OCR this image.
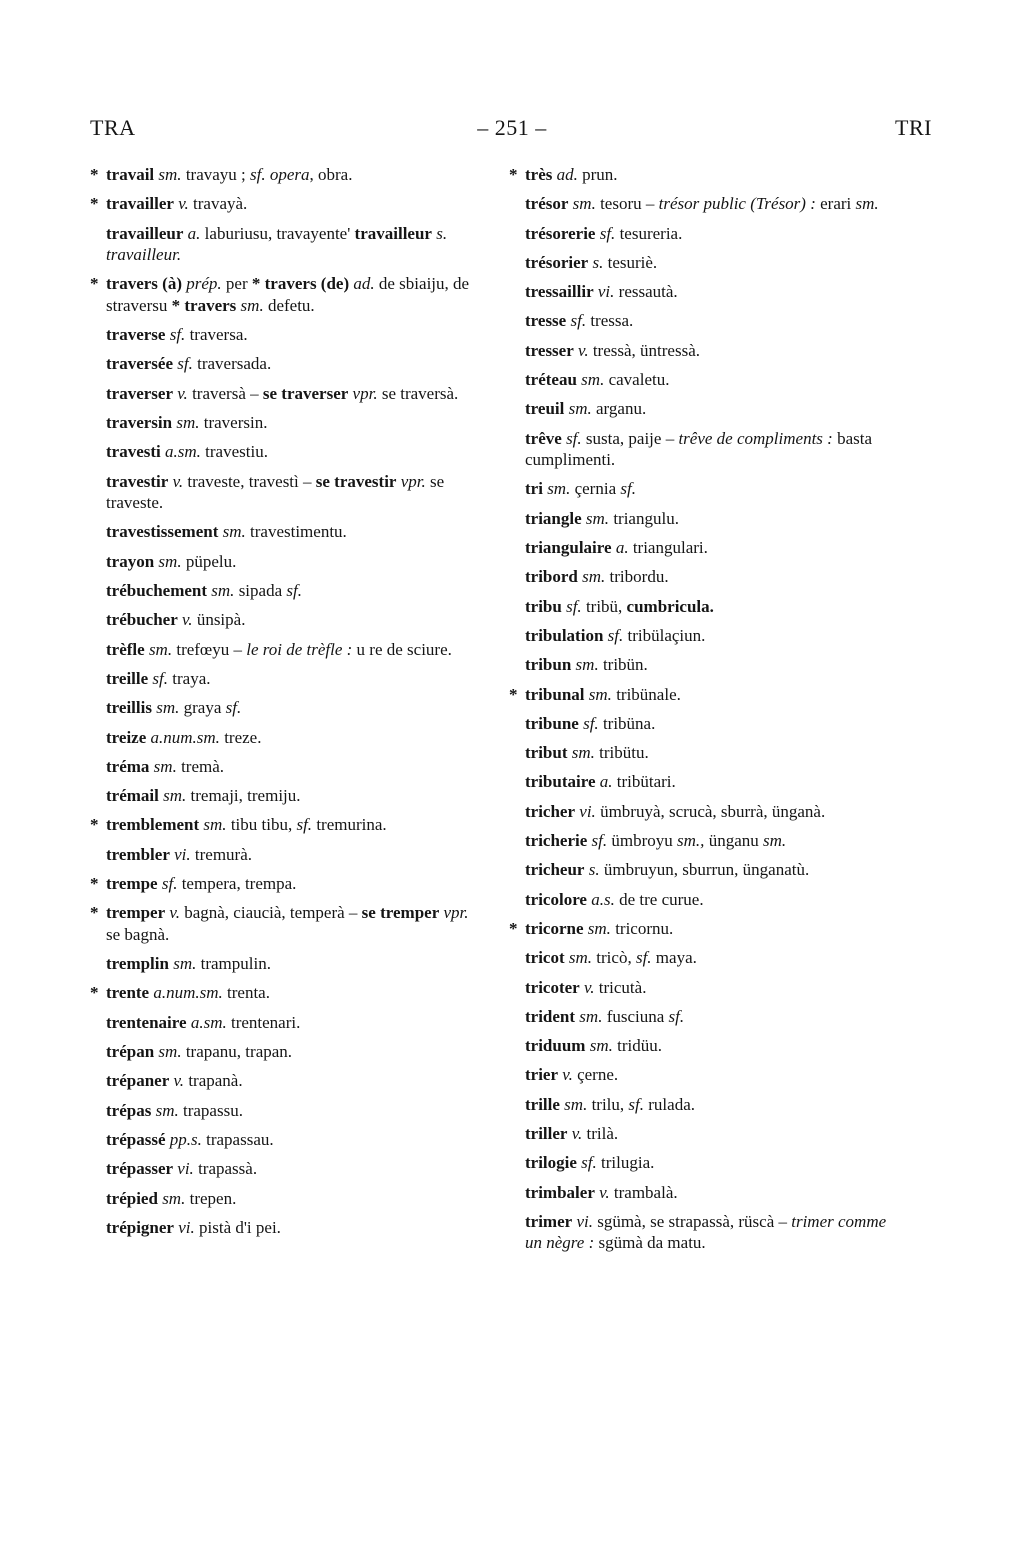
TRA	– 251 –	TRI

* travail sm. travayu ; sf. opera, obra.

* travailler v. travayà.

travailleur a. laburiusu, travayente' travailleur s. travailleur.

* travers (à) prép. per * travers (de) ad. de sbiaiju, de straversu * travers sm. defetu.

traverse sf. traversa.

traversée sf. traversada.

traverser v. traversà – se traverser vpr. se traversà.

traversin sm. traversin.

travesti a.sm. travestiu.

travestir v. traveste, travestì – se travestir vpr. se traveste.

travestissement sm. travestimentu.

trayon sm. püpelu.

trébuchement sm. sipada sf.

trébucher v. ünsipà.

trèfle sm. trefœyu – le roi de trèfle : u re de sciure.

treille sf. traya.

treillis sm. graya sf.

treize a.num.sm. treze.

tréma sm. tremà.

trémail sm. tremaji, tremiju.

* tremblement sm. tibu tibu, sf. tremurina.

trembler vi. tremurà.

* trempe sf. tempera, trempa.

* tremper v. bagnà, ciaucià, temperà – se tremper vpr. se bagnà.

tremplin sm. trampulin.

* trente a.num.sm. trenta.

trentenaire a.sm. trentenari.

trépan sm. trapanu, trapan.

trépaner v. trapanà.

trépas sm. trapassu.

trépassé pp.s. trapassau.

trépasser vi. trapassà.

trépied sm. trepen.

trépigner vi. pistà d'i pei.

* très ad. prun.

trésor sm. tesoru – trésor public (Trésor) : erari sm.

trésorerie sf. tesureria.

trésorier s. tesuriè.

tressaillir vi. ressautà.

tresse sf. tressa.

tresser v. tressà, üntressà.

tréteau sm. cavaletu.

treuil sm. arganu.

trêve sf. susta, paije – trêve de compliments : basta cumplimenti.

tri sm. çernia sf.

triangle sm. triangulu.

triangulaire a. triangulari.

tribord sm. tribordu.

tribu sf. tribü, cumbricula.

tribulation sf. tribülaçiun.

tribun sm. tribün.

* tribunal sm. tribünale.

tribune sf. tribüna.

tribut sm. tribütu.

tributaire a. tribütari.

tricher vi. ümbruyà, scrucà, sburrà, ünganà.

tricherie sf. ümbroyu sm., ünganu sm.

tricheur s. ümbruyun, sburrun, ünganatù.

tricolore a.s. de tre curue.

* tricorne sm. tricornu.

tricot sm. tricò, sf. maya.

tricoter v. tricutà.

trident sm. fusciuna sf.

triduum sm. tridüu.

trier v. çerne.

trille sm. trilu, sf. rulada.

triller v. trilà.

trilogie sf. trilugia.

trimbaler v. trambalà.

trimer vi. sgümà, se strapassà, rüscà – trimer comme un nègre : sgümà da matu.
